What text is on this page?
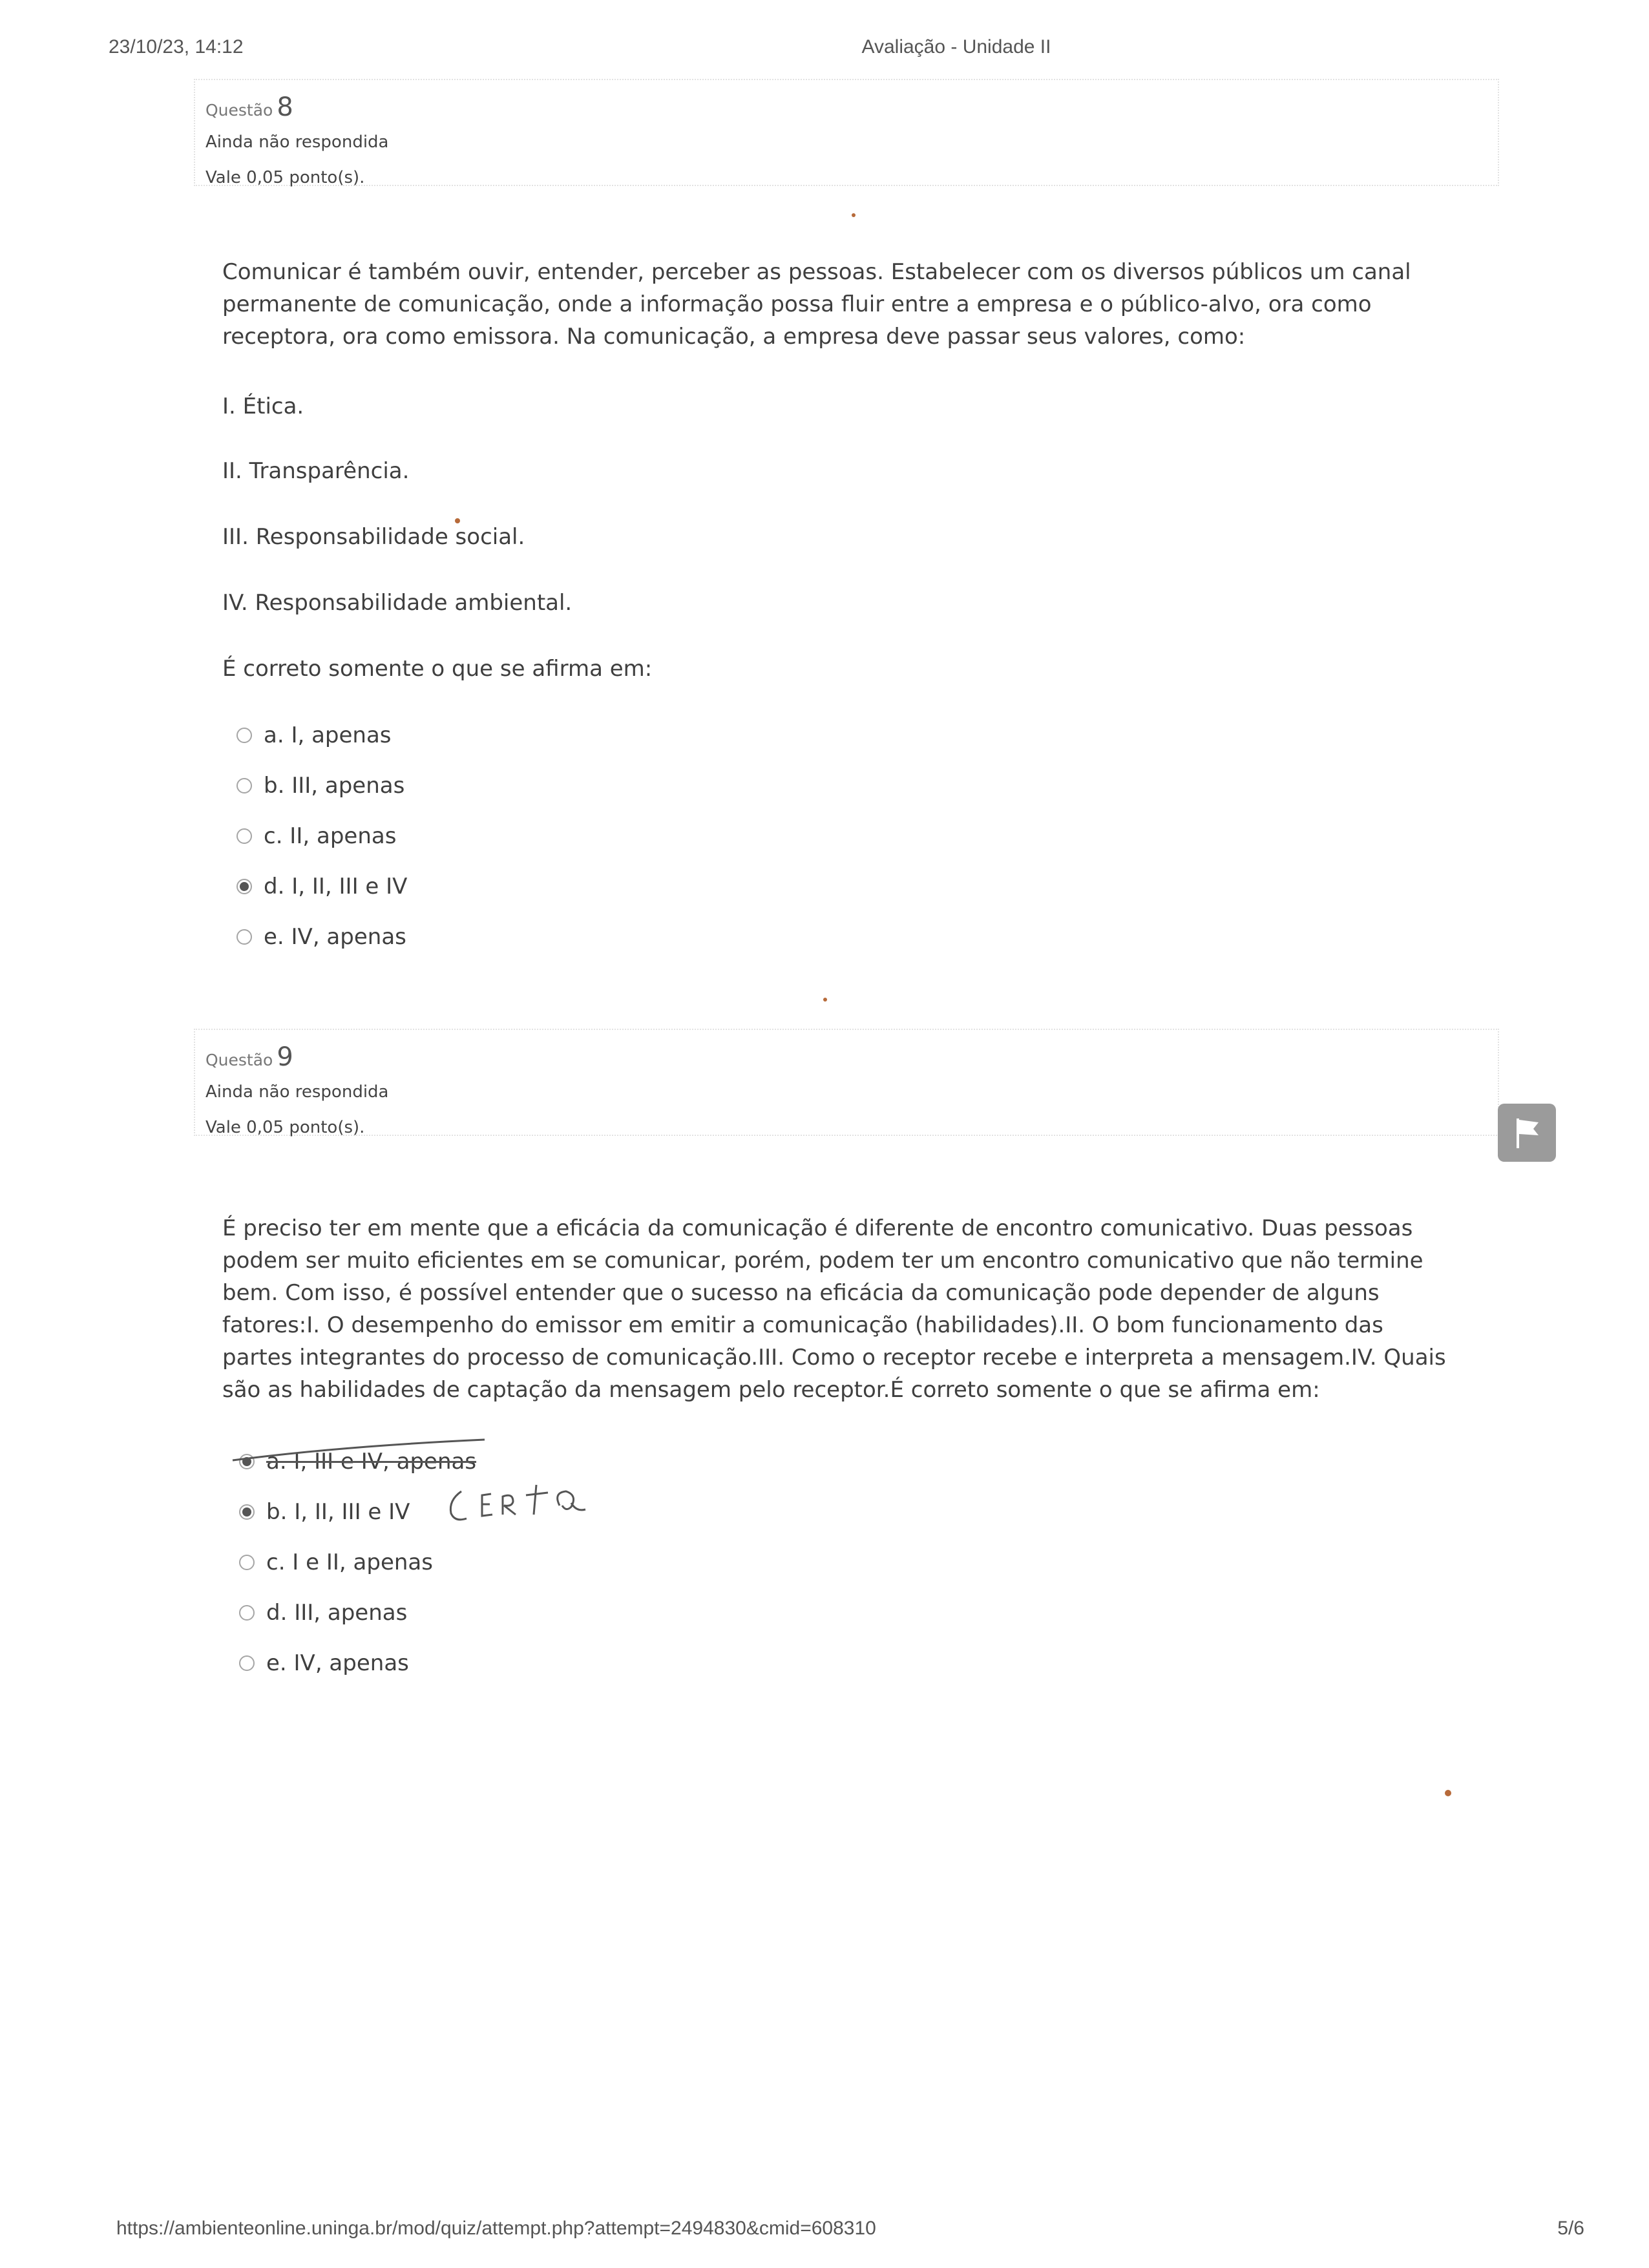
23/10/23, 14:12	Avaliação - Unidade II
Questão 8
Ainda não respondida
Vale 0,05 ponto(s).
Comunicar é também ouvir, entender, perceber as pessoas. Estabelecer com os diversos públicos um canal permanente de comunicação, onde a informação possa fluir entre a empresa e o público-alvo, ora como receptora, ora como emissora. Na comunicação, a empresa deve passar seus valores, como:
I. Ética.
II. Transparência.
III. Responsabilidade social.
IV. Responsabilidade ambiental.
É correto somente o que se afirma em:
a. I, apenas
b. III, apenas
c. II, apenas
d. I, II, III e IV
e. IV, apenas
Questão 9
Ainda não respondida
Vale 0,05 ponto(s).
É preciso ter em mente que a eficácia da comunicação é diferente de encontro comunicativo. Duas pessoas podem ser muito eficientes em se comunicar, porém, podem ter um encontro comunicativo que não termine bem. Com isso, é possível entender que o sucesso na eficácia da comunicação pode depender de alguns fatores:I. O desempenho do emissor em emitir a comunicação (habilidades).II. O bom funcionamento das partes integrantes do processo de comunicação.III. Como o receptor recebe e interpreta a mensagem.IV. Quais são as habilidades de captação da mensagem pelo receptor.É correto somente o que se afirma em:
a. I, III e IV, apenas
b. I, II, III e IV
c. I e II, apenas
d. III, apenas
e. IV, apenas
https://ambienteonline.uninga.br/mod/quiz/attempt.php?attempt=2494830&cmid=608310	5/6
